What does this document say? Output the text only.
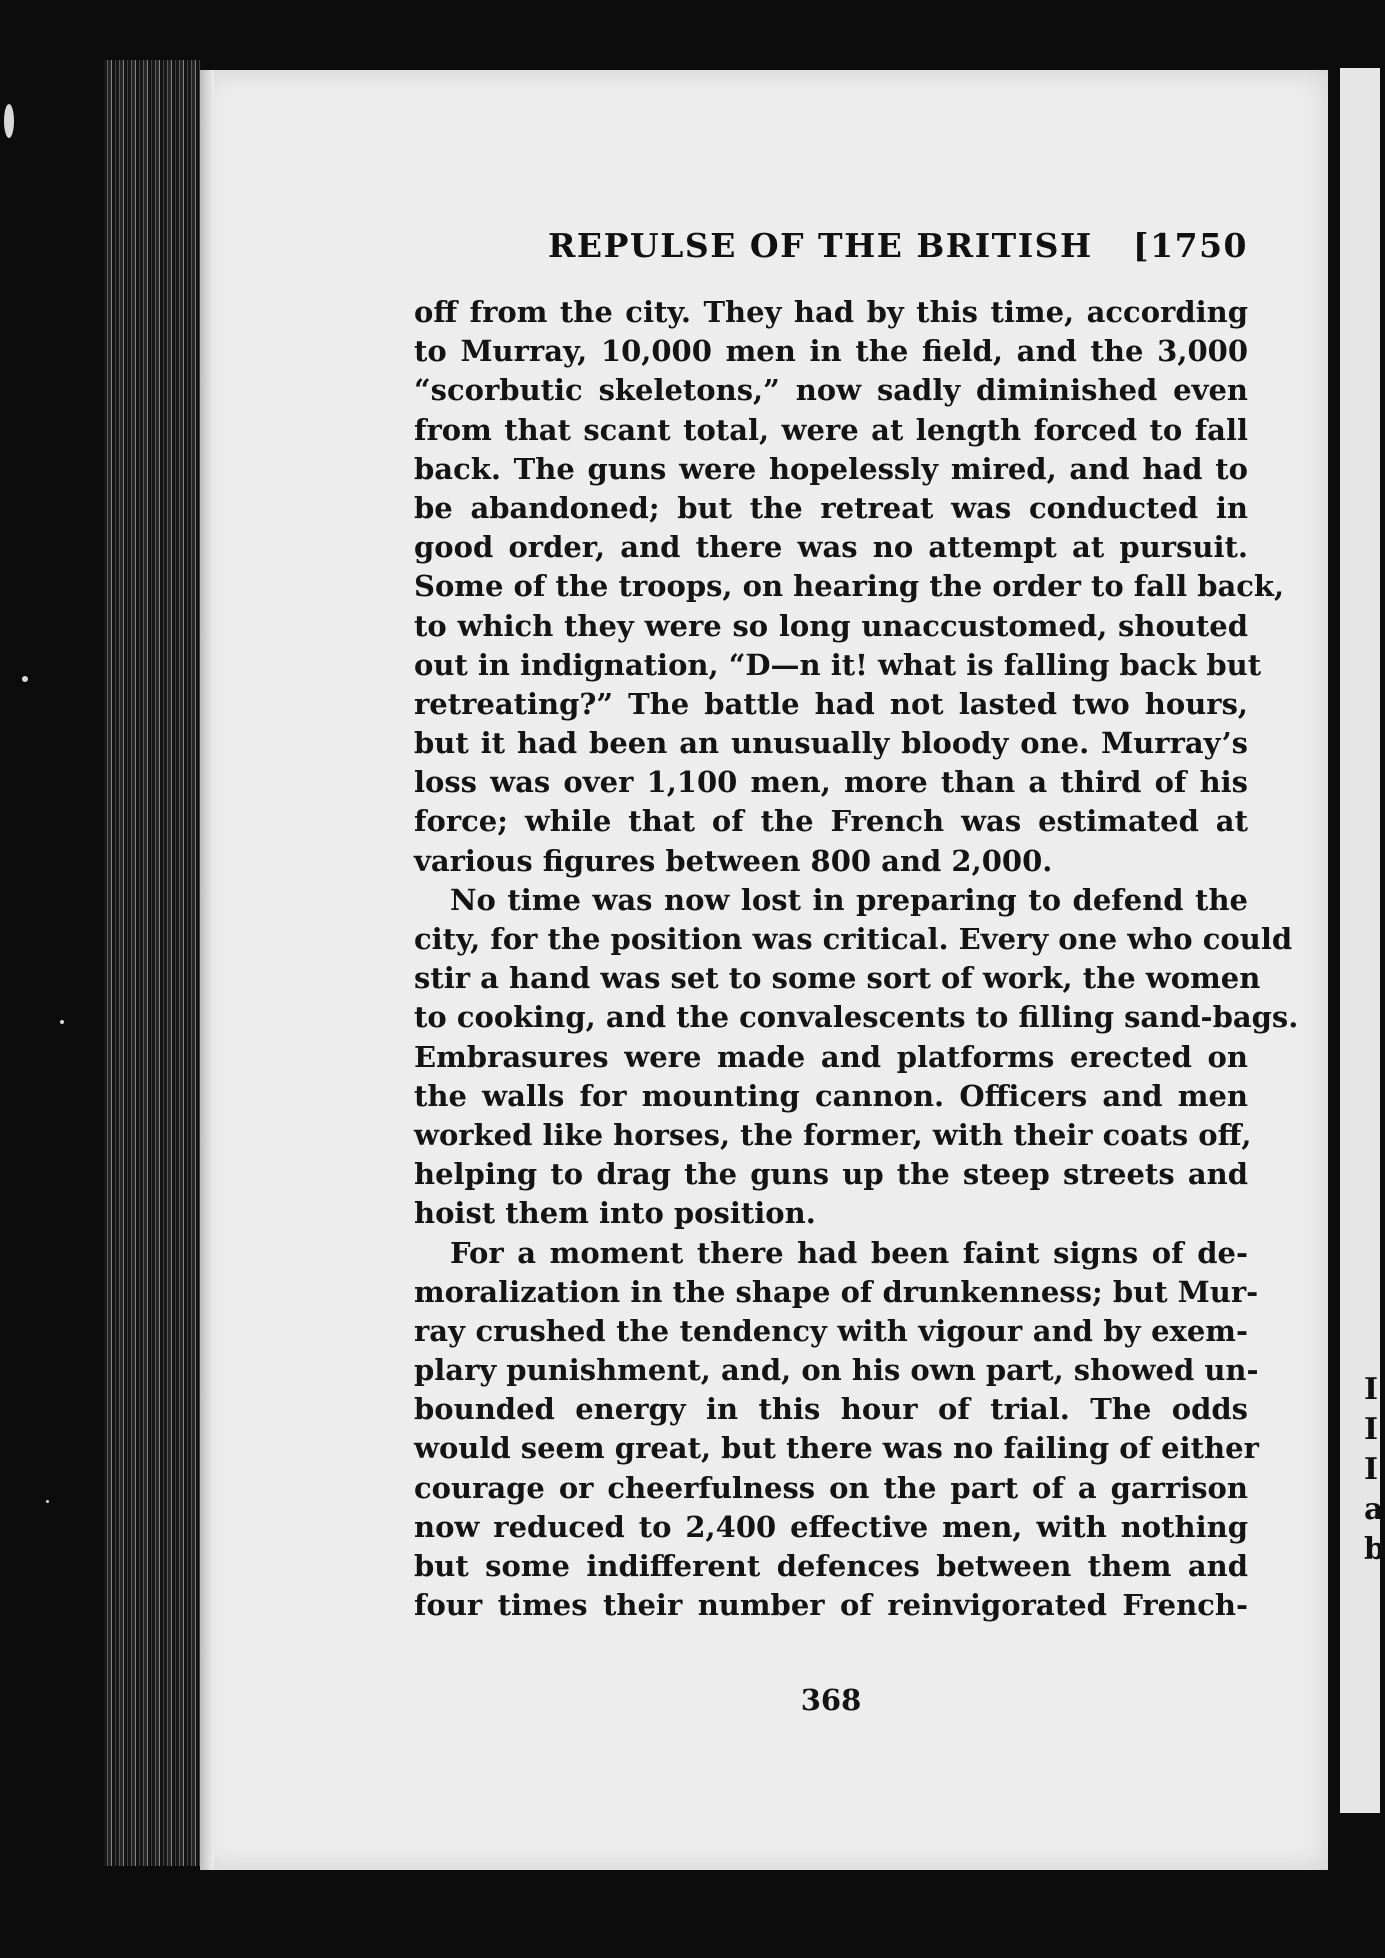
I
I
I
a
b
REPULSE OF THE BRITISH [1750
off from the city. They had by this time, according
to Murray, 10,000 men in the field, and the 3,000
“scorbutic skeletons,” now sadly diminished even
from that scant total, were at length forced to fall
back. The guns were hopelessly mired, and had to
be abandoned; but the retreat was conducted in
good order, and there was no attempt at pursuit.
Some of the troops, on hearing the order to fall back,
to which they were so long unaccustomed, shouted
out in indignation, “D—n it! what is falling back but
retreating?” The battle had not lasted two hours,
but it had been an unusually bloody one. Murray’s
loss was over 1,100 men, more than a third of his
force; while that of the French was estimated at
various figures between 800 and 2,000.
No time was now lost in preparing to defend the
city, for the position was critical. Every one who could
stir a hand was set to some sort of work, the women
to cooking, and the convalescents to filling sand-bags.
Embrasures were made and platforms erected on
the walls for mounting cannon. Officers and men
worked like horses, the former, with their coats off,
helping to drag the guns up the steep streets and
hoist them into position.
For a moment there had been faint signs of de-
moralization in the shape of drunkenness; but Mur-
ray crushed the tendency with vigour and by exem-
plary punishment, and, on his own part, showed un-
bounded energy in this hour of trial. The odds
would seem great, but there was no failing of either
courage or cheerfulness on the part of a garrison
now reduced to 2,400 effective men, with nothing
but some indifferent defences between them and
four times their number of reinvigorated French-
368
